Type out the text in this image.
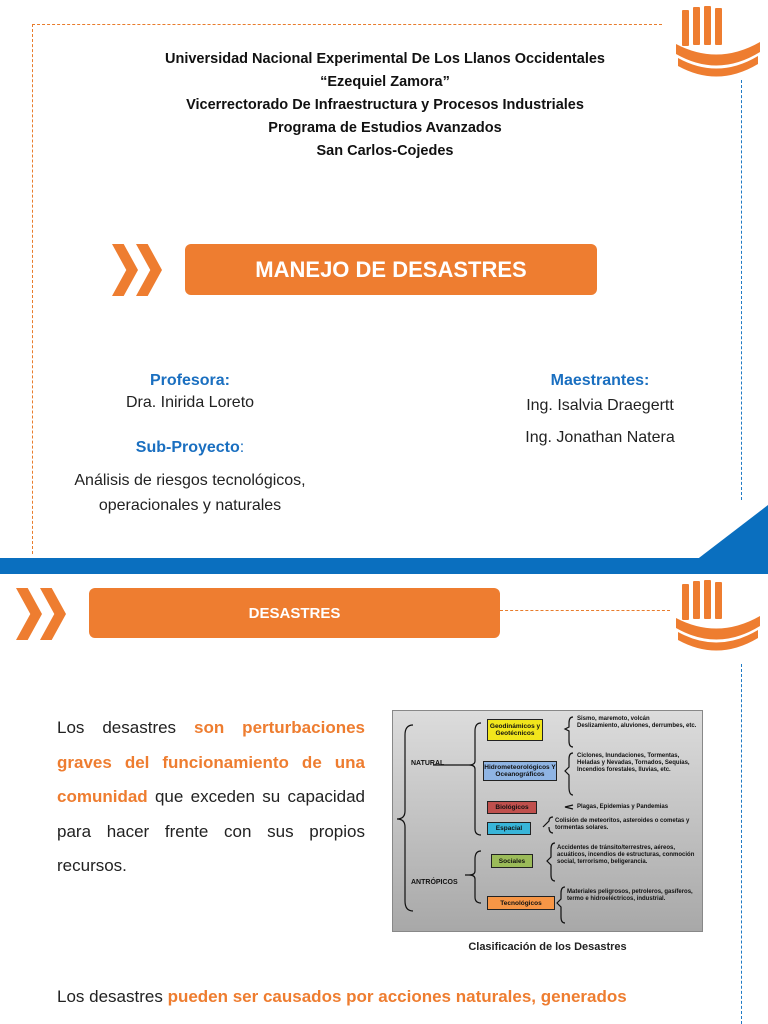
Universidad Nacional Experimental De Los Llanos Occidentales
“Ezequiel Zamora”
Vicerrectorado De Infraestructura y Procesos Industriales
Programa de Estudios Avanzados
San Carlos-Cojedes
MANEJO DE DESASTRES
Profesora:
Dra. Inirida Loreto
Sub-Proyecto:
Análisis de riesgos tecnológicos,
operacionales y naturales
Maestrantes:
Ing. Isalvia Draegertt
Ing. Jonathan Natera
DESASTRES
Los desastres son perturbaciones graves del funcionamiento de una comunidad que exceden su capacidad para hacer frente con sus propios recursos.
NATURAL
ANTRÓPICOS
Geodinámicos y Geotécnicos
Hidrometeorológicos Y Oceanográficos
Biológicos
Espacial
Sociales
Tecnológicos
Sismo, maremoto, volcán
Deslizamiento, aluviones, derrumbes, etc.
Ciclones, Inundaciones, Tormentas, Heladas y Nevadas, Tornados, Sequías, Incendios forestales, lluvias, etc.
Plagas, Epidemias y Pandemias
Colisión de meteoritos, asteroides o cometas y tormentas solares.
Accidentes de tránsito/terrestres, aéreos, acuáticos, incendios de estructuras, conmoción social, terrorismo, beligerancia.
Materiales peligrosos, petroleros, gasíferos, termo e hidroeléctricos, industrial.
Clasificación de los Desastres
Los desastres pueden ser causados por acciones naturales, generados
